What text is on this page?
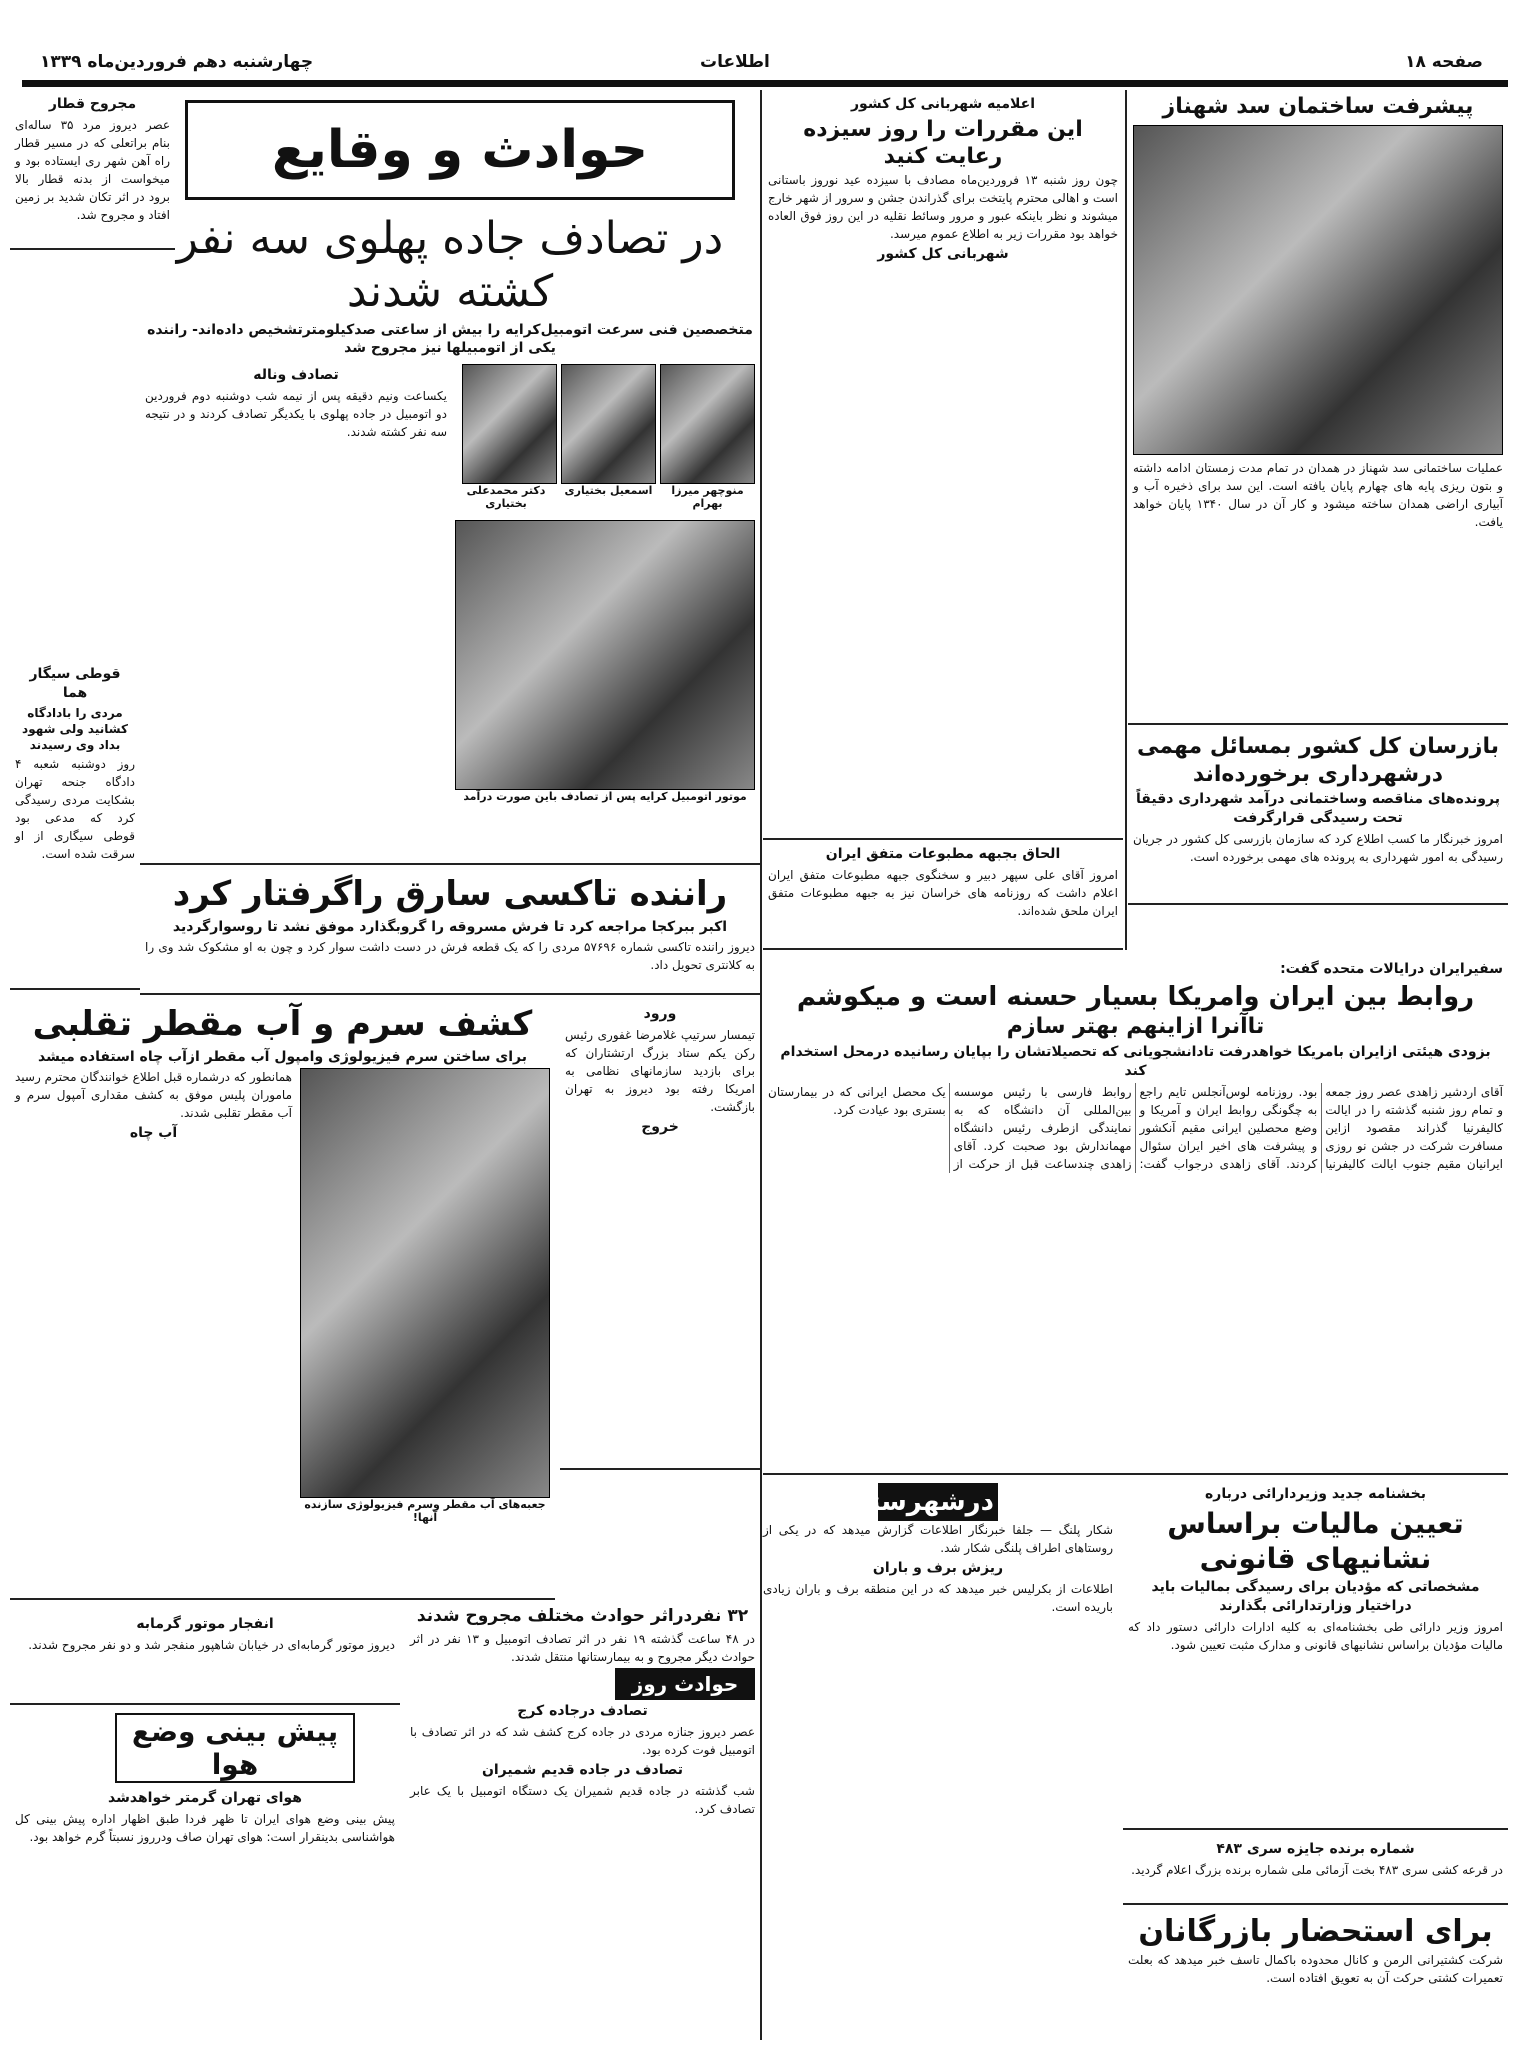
صفحه ۱۸
اطلاعات
چهارشنبه دهم فروردین‌ماه ۱۳۳۹
پیشرفت ساختمان سد شهناز

عملیات ساختمانی سد شهناز در همدان در تمام مدت زمستان ادامه داشته و بتون ریزی پایه های چهارم پایان یافته است. این سد برای ذخیره آب و آبیاری اراضی همدان ساخته میشود و کار آن در سال ۱۳۴۰ پایان خواهد یافت.

بازرسان کل کشور بمسائل مهمی درشهرداری برخورده‌اند
پرونده‌های مناقصه وساختمانی درآمد شهرداری دقیقاً تحت رسیدگی قرارگرفت

امروز خبرنگار ما کسب اطلاع کرد که سازمان بازرسی کل کشور در جریان رسیدگی به امور شهرداری به پرونده های مهمی برخورده است.

اعلامیه شهربانی کل کشور
این مقررات را روز سیزده رعایت کنید

چون روز شنبه ۱۳ فروردین‌ماه مصادف با سیزده عید نوروز باستانی است و اهالی محترم پایتخت برای گذراندن جشن و سرور از شهر خارج میشوند و نظر باینکه عبور و مرور وسائط نقلیه در این روز فوق العاده خواهد بود مقررات زیر به اطلاع عموم میرسد.

شهربانی کل کشور
الحاق بجبهه مطبوعات متفق ایران

امروز آقای علی سپهر دبیر و سخنگوی جبهه مطبوعات متفق ایران اعلام داشت که روزنامه های خراسان نیز به جبهه مطبوعات متفق ایران ملحق شده‌اند.

سفیرایران درایالات متحده گفت:
روابط بین ایران وامریکا بسیار حسنه است و میکوشم
تاآنرا ازاینهم بهتر سازم
بزودی هیئتی ازایران بامریکا خواهدرفت تادانشجویانی که تحصیلاتشان را بپایان رسانیده درمحل استخدام کند

آقای اردشیر زاهدی عصر روز جمعه و تمام روز شنبه گذشته را در ایالت کالیفرنیا گذراند مقصود ازاین مسافرت شرکت در جشن نو روزی ایرانیان مقیم جنوب ایالت کالیفرنیا بود. روزنامه لوس‌آنجلس تایم راجع به چگونگی روابط ایران و آمریکا و وضع محصلین ایرانی مقیم آنکشور و پیشرفت های اخیر ایران سئوال کردند. آقای زاهدی درجواب گفت: روابط فارسی با رئیس موسسه بین‌المللی آن دانشگاه که به نمایندگی ازطرف رئیس دانشگاه مهماندارش بود صحبت کرد. آقای زاهدی چندساعت قبل از حرکت از یک محصل ایرانی که در بیمارستان بستری بود عیادت کرد.

بخشنامه جدید وزیردارائی درباره
تعیین مالیات براساس نشانیهای قانونی
مشخصاتی که مؤدیان برای رسیدگی بمالیات باید دراختیار وزارتدارائی بگذارند

امروز وزیر دارائی طی بخشنامه‌ای به کلیه ادارات دارائی دستور داد که مالیات مؤدیان براساس نشانیهای قانونی و مدارک مثبت تعیین شود.

شماره برنده جایزه سری ۴۸۳

در قرعه کشی سری ۴۸۳ بخت آزمائی ملی شماره برنده بزرگ اعلام گردید.

برای استحضار بازرگانان

شرکت کشتیرانی الرمن و کانال محدوده باکمال تاسف خبر میدهد که بعلت تعمیرات کشتی حرکت آن به تعویق افتاده است.

درشهرستانها

شکار پلنگ — جلفا خبرنگار اطلاعات گزارش میدهد که در یکی از روستاهای اطراف پلنگی شکار شد.

ریزش برف و باران

اطلاعات از بکرلیس خبر میدهد که در این منطقه برف و باران زیادی باریده است.

ورود

تیمسار سرتیپ غلامرضا غفوری رئیس رکن یکم ستاد بزرگ ارتشتاران که برای بازدید سازمانهای نظامی به امریکا رفته بود دیروز به تهران بازگشت.

خروج
حوادث و وقایع
در تصادف جاده پهلوی سه نفر کشته شدند
متخصصین فنی سرعت اتومبیل‌کرایه را بیش از ساعتی صدکیلومترتشخیص داده‌اند- راننده یکی از اتومبیلها نیز مجروح شد
منوچهر میرزا بهرام
اسمعیل بختیاری
دکتر محمدعلی بختیاری
موتور اتومبیل کرایه پس از تصادف باین صورت درآمد
تصادف وناله

یکساعت ونیم دقیقه پس از نیمه شب دوشنبه دوم فروردین دو اتومبیل در جاده پهلوی با یکدیگر تصادف کردند و در نتیجه سه نفر کشته شدند.

راننده تاکسی سارق راگرفتار کرد
اکبر ببرکجا مراجعه کرد تا فرش مسروقه را گروبگذارد موفق نشد تا روسوارگردید

دیروز راننده تاکسی شماره ۵۷۶۹۶ مردی را که یک قطعه فرش در دست داشت سوار کرد و چون به او مشکوک شد وی را به کلانتری تحویل داد.

کشف سرم و آب مقطر تقلبی
برای ساختن سرم فیزیولوژی وامپول آب مقطر ازآب چاه استفاده میشد
جعبه‌های آب مقطر وسرم فیزیولوژی سازنده آنها!

همانطور که درشماره قبل اطلاع خوانندگان محترم رسید ماموران پلیس موفق به کشف مقداری آمپول سرم و آب مقطر تقلبی شدند.

آب چاه
مجروح قطار

عصر دیروز مرد ۳۵ ساله‌ای بنام براتعلی که در مسیر قطار راه آهن شهر ری ایستاده بود و میخواست از بدنه قطار بالا برود در اثر تکان شدید بر زمین افتاد و مجروح شد.

قوطی سیگار هما
مردی را بادادگاه کشانید ولی شهود بداد وی رسیدند

روز دوشنبه شعبه ۴ دادگاه جنحه تهران بشکایت مردی رسیدگی کرد که مدعی بود قوطی سیگاری از او سرقت شده است.

انفجار موتور گرمابه

دیروز موتور گرمابه‌ای در خیابان شاهپور منفجر شد و دو نفر مجروح شدند.

پیش بینی وضع هوا
هوای تهران گرمتر خواهدشد

پیش بینی وضع هوای ایران تا ظهر فردا طبق اظهار اداره پیش بینی کل هواشناسی بدینقرار است: هوای تهران صاف ودرروز نسبتاً گرم خواهد بود.

۳۲ نفردراثر حوادث مختلف مجروح شدند

در ۴۸ ساعت گذشته ۱۹ نفر در اثر تصادف اتومبیل و ۱۳ نفر در اثر حوادث دیگر مجروح و به بیمارستانها منتقل شدند.

حوادث روز
تصادف درجاده کرج

عصر دیروز جنازه مردی در جاده کرج کشف شد که در اثر تصادف با اتومبیل فوت کرده بود.

تصادف در جاده قدیم شمیران

شب گذشته در جاده قدیم شمیران یک دستگاه اتومبیل با یک عابر تصادف کرد.
